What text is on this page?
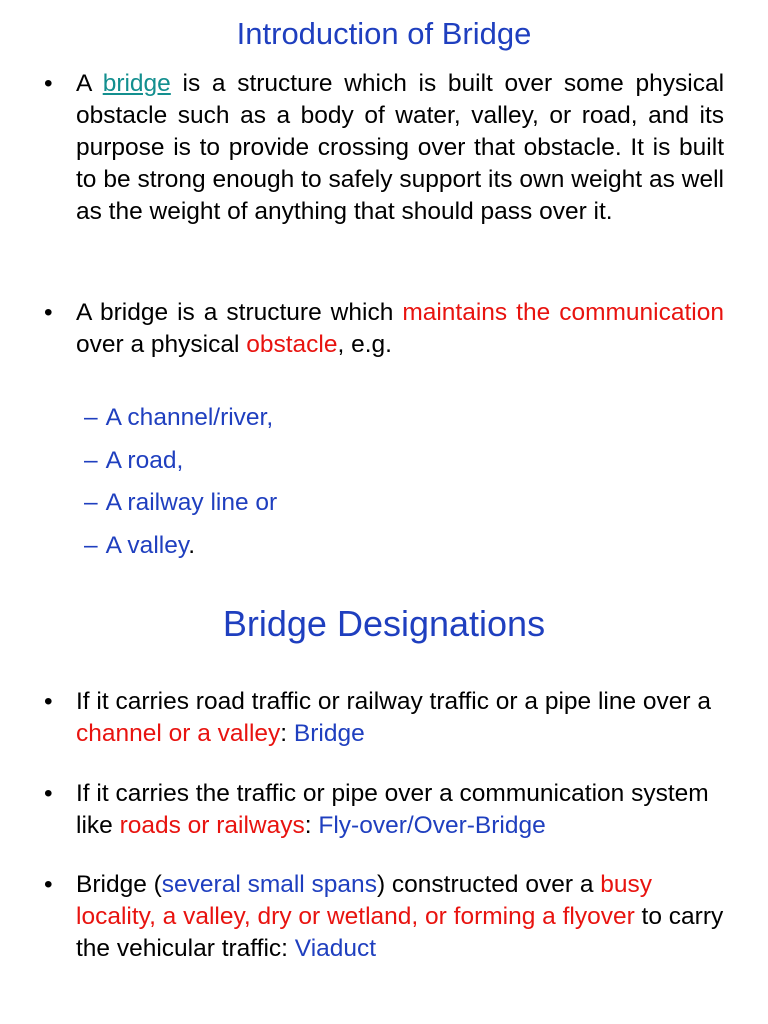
Introduction of Bridge
• A bridge is a structure which is built over some physical obstacle such as a body of water, valley, or road, and its purpose is to provide crossing over that obstacle. It is built to be strong enough to safely support its own weight as well as the weight of anything that should pass over it.
• A bridge is a structure which maintains the communication over a physical obstacle, e.g.
– A channel/river,
– A road,
– A railway line or
– A valley.
Bridge Designations
• If it carries road traffic or railway traffic or a pipe line over a channel or a valley: Bridge
• If it carries the traffic or pipe over a communication system like roads or railways: Fly-over/Over-Bridge
• Bridge (several small spans) constructed over a busy locality, a valley, dry or wetland, or forming a flyover to carry the vehicular traffic: Viaduct
